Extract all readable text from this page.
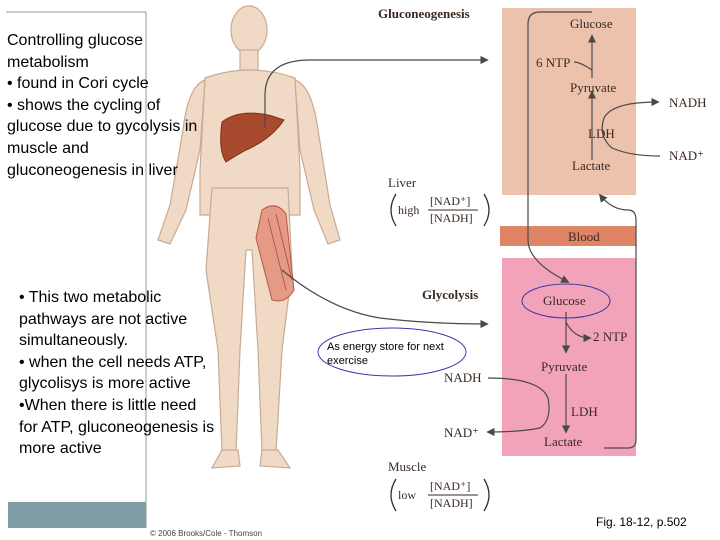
Controlling glucose metabolism
• found in Cori cycle
• shows the cycling of glucose due to gycolysis in muscle and gluconeogenesis in liver
• This two metabolic pathways are not active simultaneously.
• when the cell needs ATP, glycolisys is more active
•When there is little need for ATP, gluconeogenesis is more active
As energy store for next exercise
Gluconeogenesis
Glycolysis
Glucose
6 NTP
Pyruvate
NADH
LDH
NAD⁺
Lactate
Blood
Glucose
2 NTP
Pyruvate
NADH
LDH
NAD⁺
Lactate
Liver
high
[NAD⁺]
[NADH]
Muscle
low
[NAD⁺]
[NADH]
© 2006 Brooks/Cole - Thomson
Fig. 18-12, p.502
